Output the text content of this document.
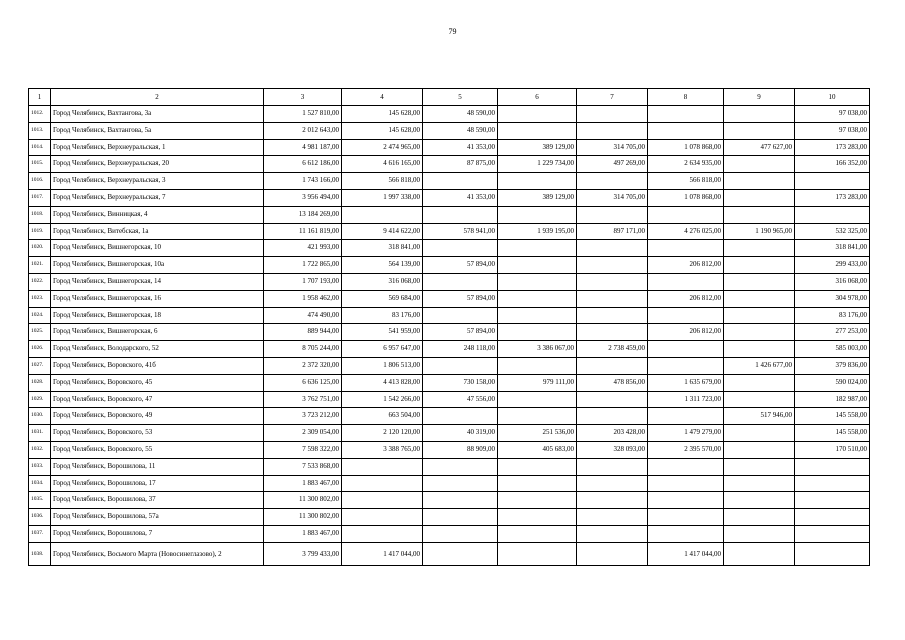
79
1	2	3	4	5	6	7	8	9	10
1012.	Город Челябинск, Вахтангова, 3а	1 527 810,00	145 628,00	48 590,00					97 038,00
1013.	Город Челябинск, Вахтангова, 5а	2 012 643,00	145 628,00	48 590,00					97 038,00
1014.	Город Челябинск, Верхнеуральская, 1	4 981 187,00	2 474 965,00	41 353,00	389 129,00	314 705,00	1 078 868,00	477 627,00	173 283,00
1015.	Город Челябинск, Верхнеуральская, 20	6 612 186,00	4 616 165,00	87 875,00	1 229 734,00	497 269,00	2 634 935,00		166 352,00
1016.	Город Челябинск, Верхнеуральская, 3	1 743 166,00	566 818,00				566 818,00		
1017.	Город Челябинск, Верхнеуральская, 7	3 956 494,00	1 997 338,00	41 353,00	389 129,00	314 705,00	1 078 868,00		173 283,00
1018.	Город Челябинск, Винницкая, 4	13 184 269,00							
1019.	Город Челябинск, Витебская, 1а	11 161 819,00	9 414 622,00	578 941,00	1 939 195,00	897 171,00	4 276 025,00	1 190 965,00	532 325,00
1020.	Город Челябинск, Вишнегорская, 10	421 993,00	318 841,00						318 841,00
1021.	Город Челябинск, Вишнегорская, 10а	1 722 865,00	564 139,00	57 894,00			206 812,00		299 433,00
1022.	Город Челябинск, Вишнегорская, 14	1 707 193,00	316 068,00						316 068,00
1023.	Город Челябинск, Вишнегорская, 16	1 958 462,00	569 684,00	57 894,00			206 812,00		304 978,00
1024.	Город Челябинск, Вишнегорская, 18	474 490,00	83 176,00						83 176,00
1025.	Город Челябинск, Вишнегорская, 6	889 944,00	541 959,00	57 894,00			206 812,00		277 253,00
1026.	Город Челябинск, Володарского, 52	8 705 244,00	6 957 647,00	248 118,00	3 386 067,00	2 738 459,00			585 003,00
1027.	Город Челябинск, Воровского, 41б	2 372 320,00	1 806 513,00					1 426 677,00	379 836,00
1028.	Город Челябинск, Воровского, 45	6 636 125,00	4 413 828,00	730 158,00	979 111,00	478 856,00	1 635 679,00		590 024,00
1029.	Город Челябинск, Воровского, 47	3 762 751,00	1 542 266,00	47 556,00			1 311 723,00		182 987,00
1030.	Город Челябинск, Воровского, 49	3 723 212,00	663 504,00					517 946,00	145 558,00
1031.	Город Челябинск, Воровского, 53	2 309 054,00	2 120 120,00	40 319,00	251 536,00	203 428,00	1 479 279,00		145 558,00
1032.	Город Челябинск, Воровского, 55	7 598 322,00	3 388 765,00	88 909,00	405 683,00	328 093,00	2 395 570,00		170 510,00
1033.	Город Челябинск, Ворошилова, 11	7 533 868,00							
1034.	Город Челябинск, Ворошилова, 17	1 883 467,00							
1035.	Город Челябинск, Ворошилова, 37	11 300 802,00							
1036.	Город Челябинск, Ворошилова, 57а	11 300 802,00							
1037.	Город Челябинск, Ворошилова, 7	1 883 467,00							
1038.	Город Челябинск, Восьмого Марта (Новосинеглазово), 2	3 799 433,00	1 417 044,00				1 417 044,00		
